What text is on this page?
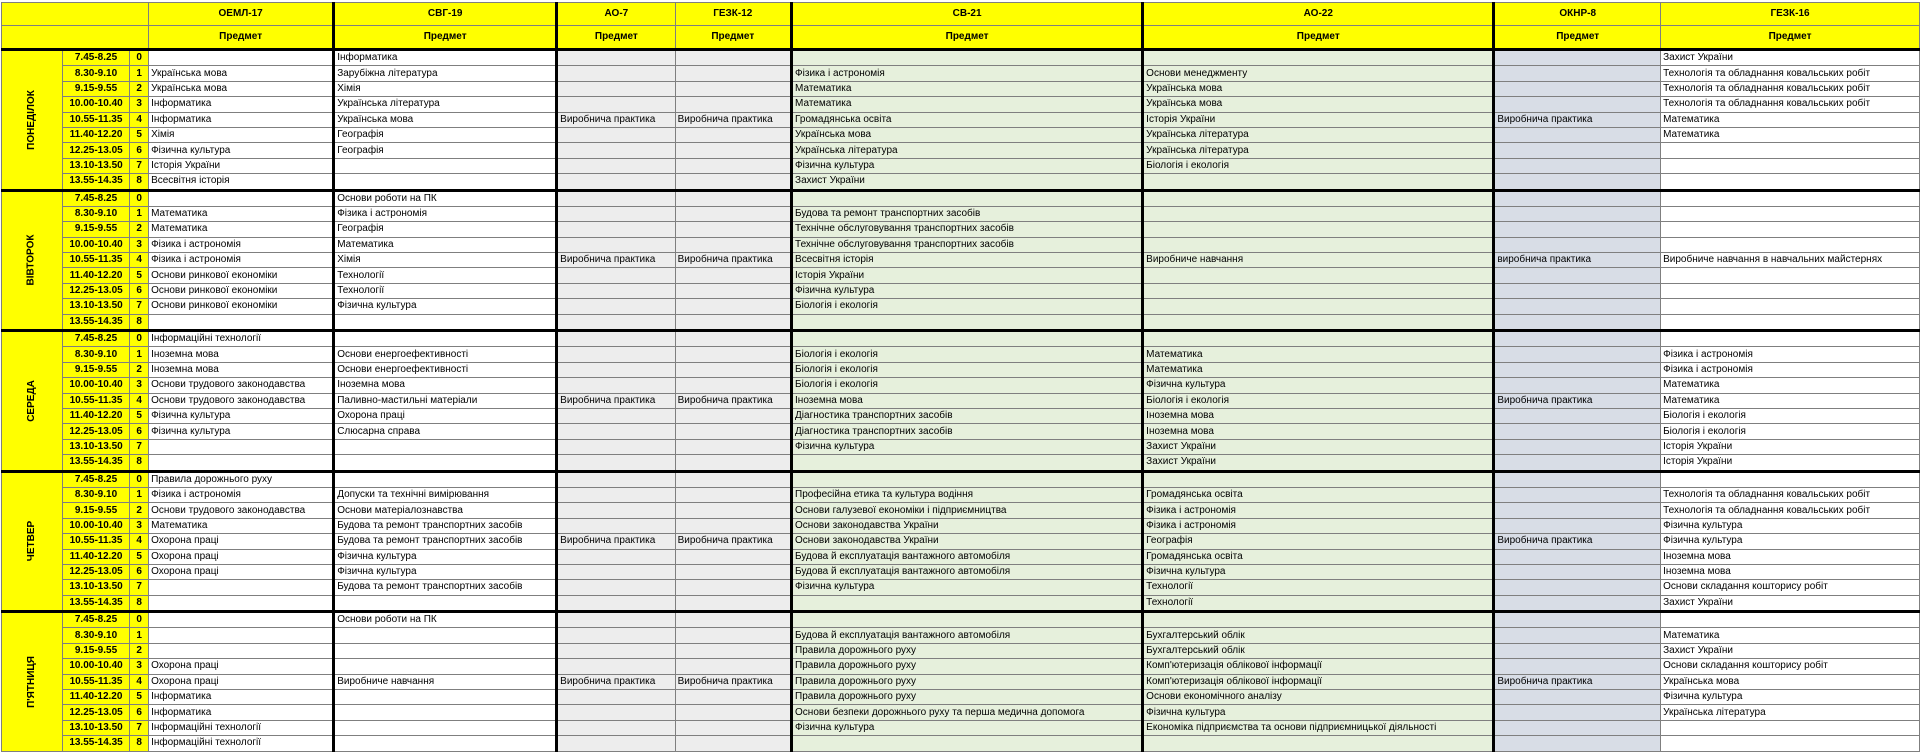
			ОЕМЛ-17	СВГ-19	АО-7	ГЕЗК-12	СВ-21	АО-22	ОКНР-8	ГЕЗК-16
			Предмет	Предмет	Предмет	Предмет	Предмет	Предмет	Предмет	Предмет
ПОНЕДІЛОК	7.45-8.25	0		Інформатика						Захист України
	8.30-9.10	1	Українська мова	Зарубіжна література			Фізика і астрономія	Основи менеджменту		Технологія та обладнання ковальських робіт
	9.15-9.55	2	Українська мова	Хімія			Математика	Українська мова		Технологія та обладнання ковальських робіт
	10.00-10.40	3	Інформатика	Українська література			Математика	Українська мова		Технологія та обладнання ковальських робіт
	10.55-11.35	4	Інформатика	Українська мова	Виробнича практика	Виробнича практика	Громадянська освіта	Історія України	Виробнича практика	Математика
	11.40-12.20	5	Хімія	Географія			Українська мова	Українська література		Математика
	12.25-13.05	6	Фізична культура	Географія			Українська література	Українська література		
	13.10-13.50	7	Історія України				Фізична культура	Біологія і екологія		
	13.55-14.35	8	Всесвітня історія				Захист України			
ВІВТОРОК	7.45-8.25	0		Основи роботи на ПК						
	8.30-9.10	1	Математика	Фізика і астрономія			Будова та ремонт транспортних засобів			
	9.15-9.55	2	Математика	Географія			Технічне обслуговування транспортних засобів			
	10.00-10.40	3	Фізика і астрономія	Математика			Технічне обслуговування транспортних засобів			
	10.55-11.35	4	Фізика і астрономія	Хімія	Виробнича практика	Виробнича практика	Всесвітня історія	Виробниче навчання	виробнича практика	Виробниче навчання в навчальних майстернях
	11.40-12.20	5	Основи ринкової економіки	Технології			Історія України			
	12.25-13.05	6	Основи ринкової економіки	Технології			Фізична культура			
	13.10-13.50	7	Основи ринкової економіки	Фізична культура			Біологія і екологія			
	13.55-14.35	8								
СЕРЕДА	7.45-8.25	0	Інформаційні технології							
	8.30-9.10	1	Іноземна мова	Основи енергоефективності			Біологія і екологія	Математика		Фізика і астрономія
	9.15-9.55	2	Іноземна мова	Основи енергоефективності			Біологія і екологія	Математика		Фізика і астрономія
	10.00-10.40	3	Основи трудового законодавства	Іноземна мова			Біологія і екологія	Фізична культура		Математика
	10.55-11.35	4	Основи трудового законодавства	Паливно-мастильні матеріали	Виробнича практика	Виробнича практика	Іноземна мова	Біологія і екологія	Виробнича практика	Математика
	11.40-12.20	5	Фізична культура	Охорона праці			Діагностика транспортних засобів	Іноземна мова		Біологія і екологія
	12.25-13.05	6	Фізична культура	Слюсарна справа			Діагностика транспортних засобів	Іноземна мова		Біологія і екологія
	13.10-13.50	7					Фізична культура	Захист України		Історія України
	13.55-14.35	8						Захист України		Історія України
ЧЕТВЕР	7.45-8.25	0	Правила дорожнього руху							
	8.30-9.10	1	Фізика і астрономія	Допуски та технічні вимірювання			Професійна етика та культура водіння	Громадянська освіта		Технологія та обладнання ковальських робіт
	9.15-9.55	2	Основи трудового законодавства	Основи матеріалознавства			Основи галузевої економіки і підприємництва	Фізика і астрономія		Технологія та обладнання ковальських робіт
	10.00-10.40	3	Математика	Будова та ремонт транспортних засобів			Основи законодавства України	Фізика і астрономія		Фізична культура
	10.55-11.35	4	Охорона праці	Будова та ремонт транспортних засобів	Виробнича практика	Виробнича практика	Основи законодавства України	Географія	Виробнича практика	Фізична культура
	11.40-12.20	5	Охорона праці	Фізична культура			Будова й експлуатація вантажного автомобіля	Громадянська освіта		Іноземна мова
	12.25-13.05	6	Охорона праці	Фізична культура			Будова й експлуатація вантажного автомобіля	Фізична культура		Іноземна мова
	13.10-13.50	7		Будова та ремонт транспортних засобів			Фізична культура	Технології		Основи складання кошторису робіт
	13.55-14.35	8						Технології		Захист України
П'ЯТНИЦЯ	7.45-8.25	0		Основи роботи на ПК						
	8.30-9.10	1					Будова й експлуатація вантажного автомобіля	Бухгалтерський облік		Математика
	9.15-9.55	2					Правила дорожнього руху	Бухгалтерський облік		Захист України
	10.00-10.40	3	Охорона праці				Правила дорожнього руху	Комп'ютеризація облікової інформації		Основи складання кошторису робіт
	10.55-11.35	4	Охорона праці	Виробниче навчання	Виробнича практика	Виробнича практика	Правила дорожнього руху	Комп'ютеризація облікової інформації	Виробнича практика	Українська мова
	11.40-12.20	5	Інформатика				Правила дорожнього руху	Основи економічного аналізу		Фізична культура
	12.25-13.05	6	Інформатика				Основи безпеки дорожнього руху та перша медична допомога	Фізична культура		Українська література
	13.10-13.50	7	Інформаційні технології				Фізична культура	Економіка підприємства та основи підприємницької діяльності		
	13.55-14.35	8	Інформаційні технології							
